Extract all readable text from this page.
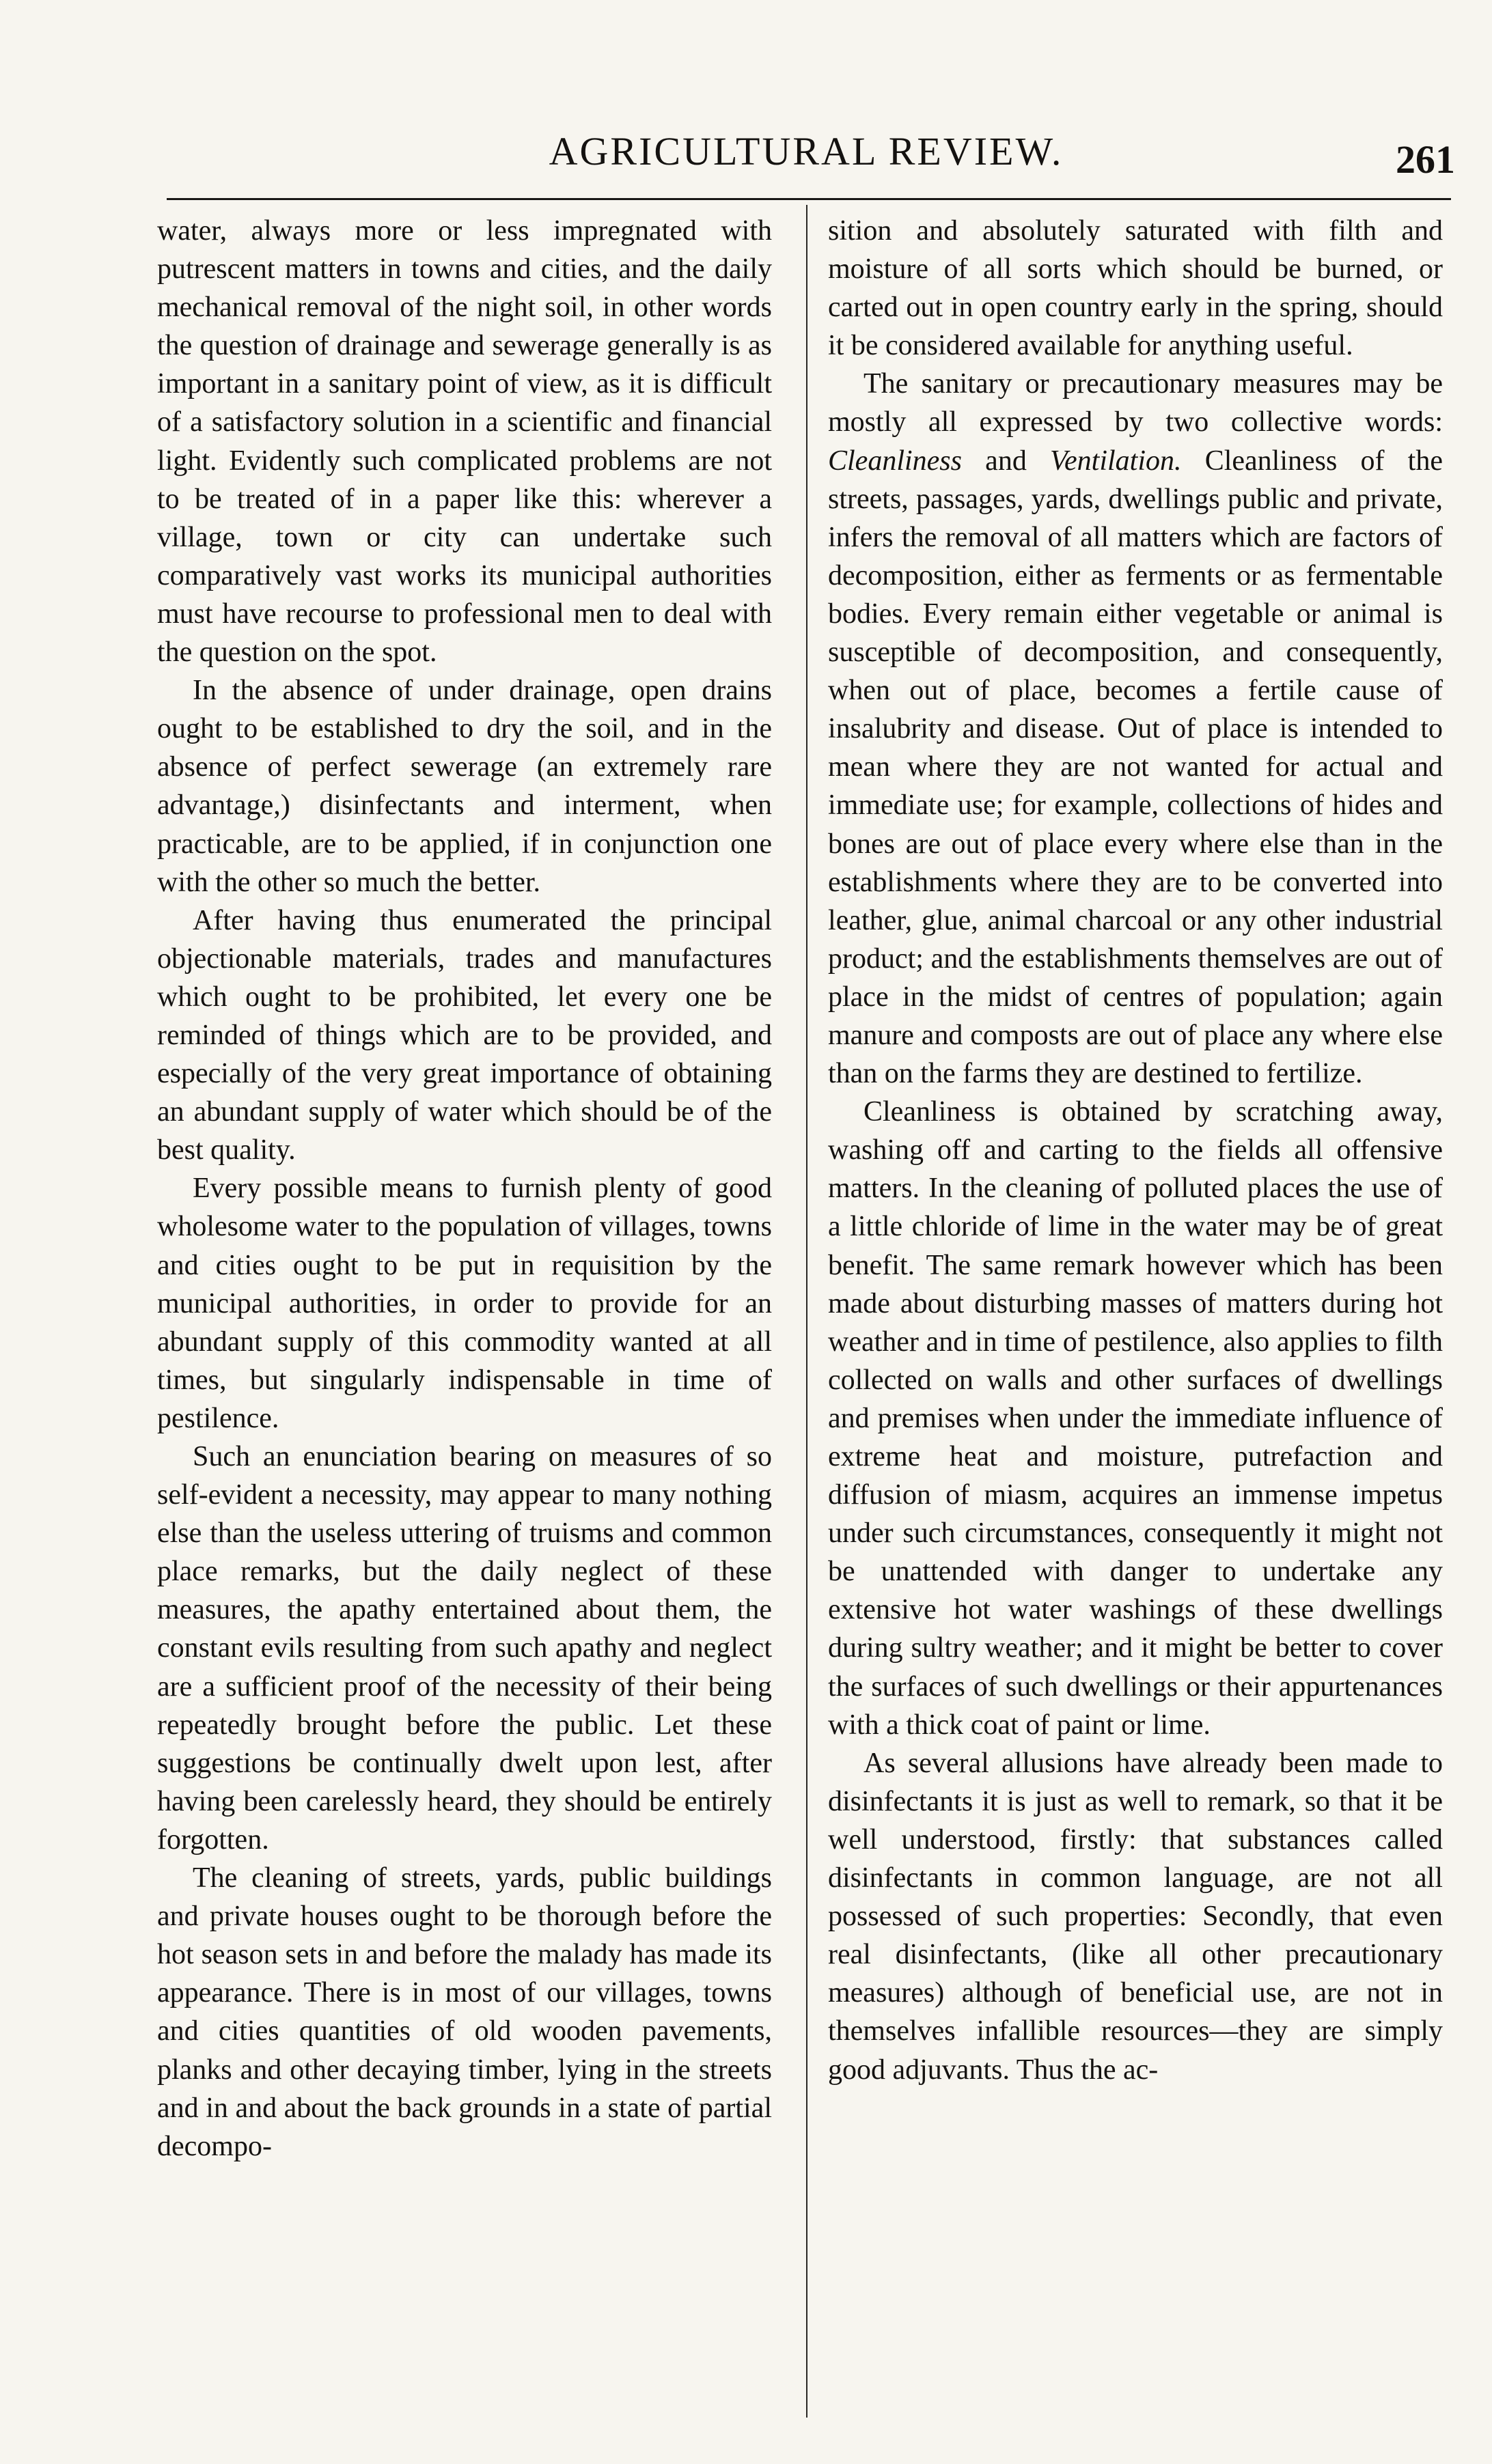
AGRICULTURAL REVIEW.	261

water, always more or less impregnated with putrescent matters in towns and cities, and the daily mechanical removal of the night soil, in other words the question of drainage and sewerage generally is as important in a sanitary point of view, as it is difficult of a satisfactory solution in a scientific and financial light. Evidently such complicated problems are not to be treated of in a paper like this: wherever a village, town or city can undertake such comparatively vast works its municipal authorities must have recourse to professional men to deal with the question on the spot.

In the absence of under drainage, open drains ought to be established to dry the soil, and in the absence of perfect sewerage (an extremely rare advantage,) disinfectants and interment, when practicable, are to be applied, if in conjunction one with the other so much the better.

After having thus enumerated the principal objectionable materials, trades and manufactures which ought to be prohibited, let every one be reminded of things which are to be provided, and especially of the very great importance of obtaining an abundant supply of water which should be of the best quality.

Every possible means to furnish plenty of good wholesome water to the population of villages, towns and cities ought to be put in requisition by the municipal authorities, in order to provide for an abundant supply of this commodity wanted at all times, but singularly indispensable in time of pestilence.

Such an enunciation bearing on measures of so self-evident a necessity, may appear to many nothing else than the useless uttering of truisms and common place remarks, but the daily neglect of these measures, the apathy entertained about them, the constant evils resulting from such apathy and neglect are a sufficient proof of the necessity of their being repeatedly brought before the public. Let these suggestions be continually dwelt upon lest, after having been carelessly heard, they should be entirely forgotten.

The cleaning of streets, yards, public buildings and private houses ought to be thorough before the hot season sets in and before the malady has made its appearance. There is in most of our villages, towns and cities quantities of old wooden pavements, planks and other decaying timber, lying in the streets and in and about the back grounds in a state of partial decompo-

sition and absolutely saturated with filth and moisture of all sorts which should be burned, or carted out in open country early in the spring, should it be considered available for anything useful.

The sanitary or precautionary measures may be mostly all expressed by two collective words: Cleanliness and Ventilation. Cleanliness of the streets, passages, yards, dwellings public and private, infers the removal of all matters which are factors of decomposition, either as ferments or as fermentable bodies. Every remain either vegetable or animal is susceptible of decomposition, and consequently, when out of place, becomes a fertile cause of insalubrity and disease. Out of place is intended to mean where they are not wanted for actual and immediate use; for example, collections of hides and bones are out of place every where else than in the establishments where they are to be converted into leather, glue, animal charcoal or any other industrial product; and the establishments themselves are out of place in the midst of centres of population; again manure and composts are out of place any where else than on the farms they are destined to fertilize.

Cleanliness is obtained by scratching away, washing off and carting to the fields all offensive matters. In the cleaning of polluted places the use of a little chloride of lime in the water may be of great benefit. The same remark however which has been made about disturbing masses of matters during hot weather and in time of pestilence, also applies to filth collected on walls and other surfaces of dwellings and premises when under the immediate influence of extreme heat and moisture, putrefaction and diffusion of miasm, acquires an immense impetus under such circumstances, consequently it might not be unattended with danger to undertake any extensive hot water washings of these dwellings during sultry weather; and it might be better to cover the surfaces of such dwellings or their appurtenances with a thick coat of paint or lime.

As several allusions have already been made to disinfectants it is just as well to remark, so that it be well understood, firstly: that substances called disinfectants in common language, are not all possessed of such properties: Secondly, that even real disinfectants, (like all other precautionary measures) although of beneficial use, are not in themselves infallible resources—they are simply good adjuvants. Thus the ac-
